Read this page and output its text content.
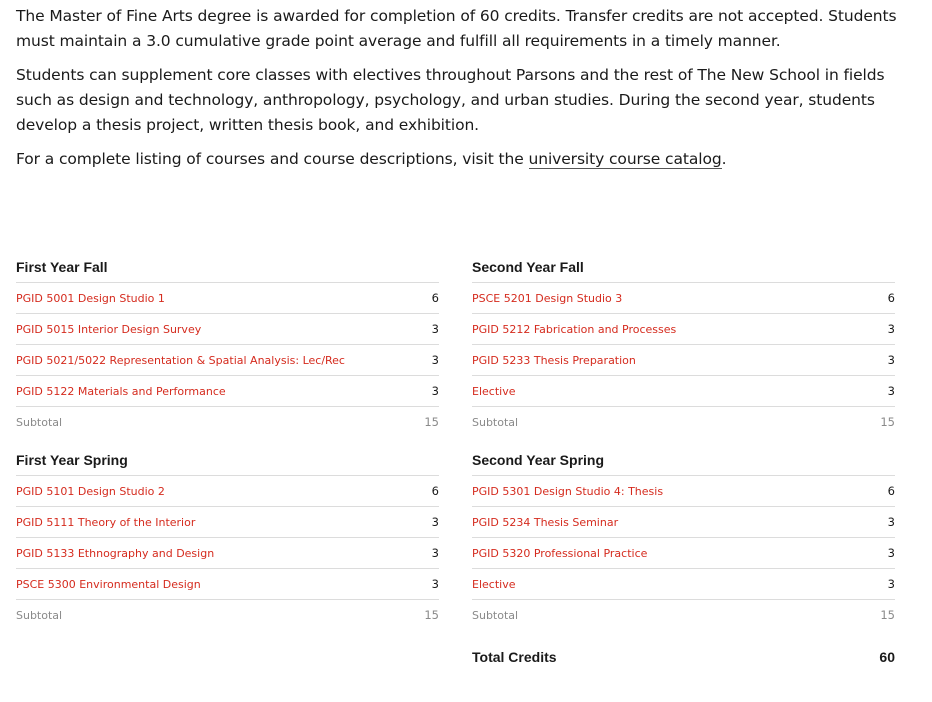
The Master of Fine Arts degree is awarded for completion of 60 credits. Transfer credits are not accepted. Students must maintain a 3.0 cumulative grade point average and fulfill all requirements in a timely manner.

Students can supplement core classes with electives throughout Parsons and the rest of The New School in fields such as design and technology, anthropology, psychology, and urban studies. During the second year, students develop a thesis project, written thesis book, and exhibition.

For a complete listing of courses and course descriptions, visit the university course catalog.

First Year Fall
PGID 5001 Design Studio 1	6
PGID 5015 Interior Design Survey	3
PGID 5021/5022 Representation & Spatial Analysis: Lec/Rec	3
PGID 5122 Materials and Performance	3
Subtotal	15
First Year Spring
PGID 5101 Design Studio 2	6
PGID 5111 Theory of the Interior	3
PGID 5133 Ethnography and Design	3
PSCE 5300 Environmental Design	3
Subtotal	15
Second Year Fall
PSCE 5201 Design Studio 3	6
PGID 5212 Fabrication and Processes	3
PGID 5233 Thesis Preparation	3
Elective	3
Subtotal	15
Second Year Spring
PGID 5301 Design Studio 4: Thesis	6
PGID 5234 Thesis Seminar	3
PGID 5320 Professional Practice	3
Elective	3
Subtotal	15
Total Credits	60
